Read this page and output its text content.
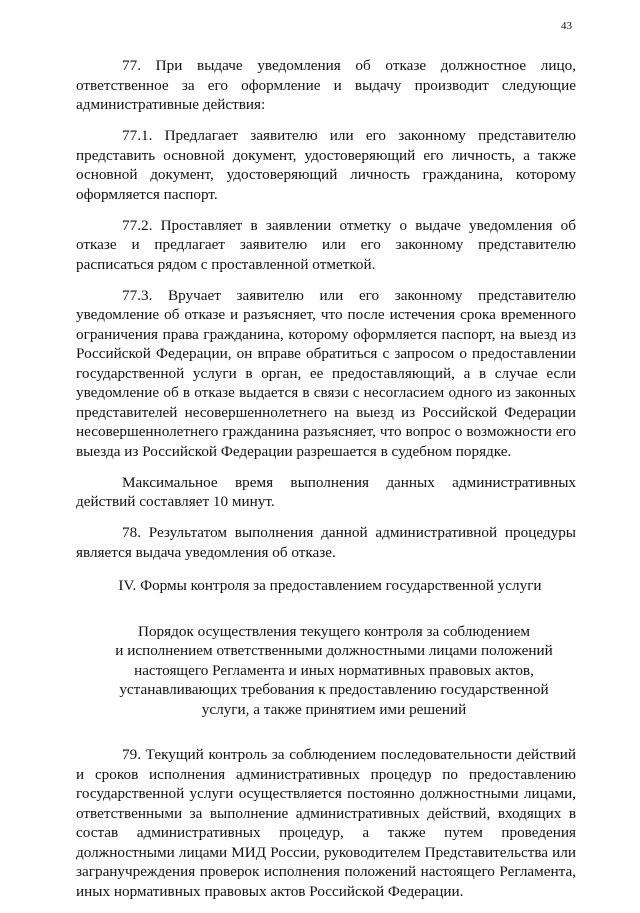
43

77. При выдаче уведомления об отказе должностное лицо, ответственное за его оформление и выдачу производит следующие административные действия:

77.1. Предлагает заявителю или его законному представителю представить основной документ, удостоверяющий его личность, а также основной документ, удостоверяющий личность гражданина, которому оформляется паспорт.

77.2. Проставляет в заявлении отметку о выдаче уведомления об отказе и предлагает заявителю или его законному представителю расписаться рядом с проставленной отметкой.

77.3. Вручает заявителю или его законному представителю уведомление об отказе и разъясняет, что после истечения срока временного ограничения права гражданина, которому оформляется паспорт, на выезд из Российской Федерации, он вправе обратиться с запросом о предоставлении государственной услуги в орган, ее предоставляющий, а в случае если уведомление об в отказе выдается в связи с несогласием одного из законных представителей несовершеннолетнего на выезд из Российской Федерации несовершеннолетнего гражданина разъясняет, что вопрос о возможности его выезда из Российской Федерации разрешается в судебном порядке.

Максимальное время выполнения данных административных действий составляет 10 минут.

78. Результатом выполнения данной административной процедуры является выдача уведомления об отказе.

IV. Формы контроля за предоставлением государственной услуги
Порядок осуществления текущего контроля за соблюдением
и исполнением ответственными должностными лицами положений
настоящего Регламента и иных нормативных правовых актов,
устанавливающих требования к предоставлению государственной
услуги, а также принятием ими решений

79. Текущий контроль за соблюдением последовательности действий и сроков исполнения административных процедур по предоставлению государственной услуги осуществляется постоянно должностными лицами, ответственными за выполнение административных действий, входящих в состав административных процедур, а также путем проведения должностными лицами МИД России, руководителем Представительства или загранучреждения проверок исполнения положений настоящего Регламента, иных нормативных правовых актов Российской Федерации.
